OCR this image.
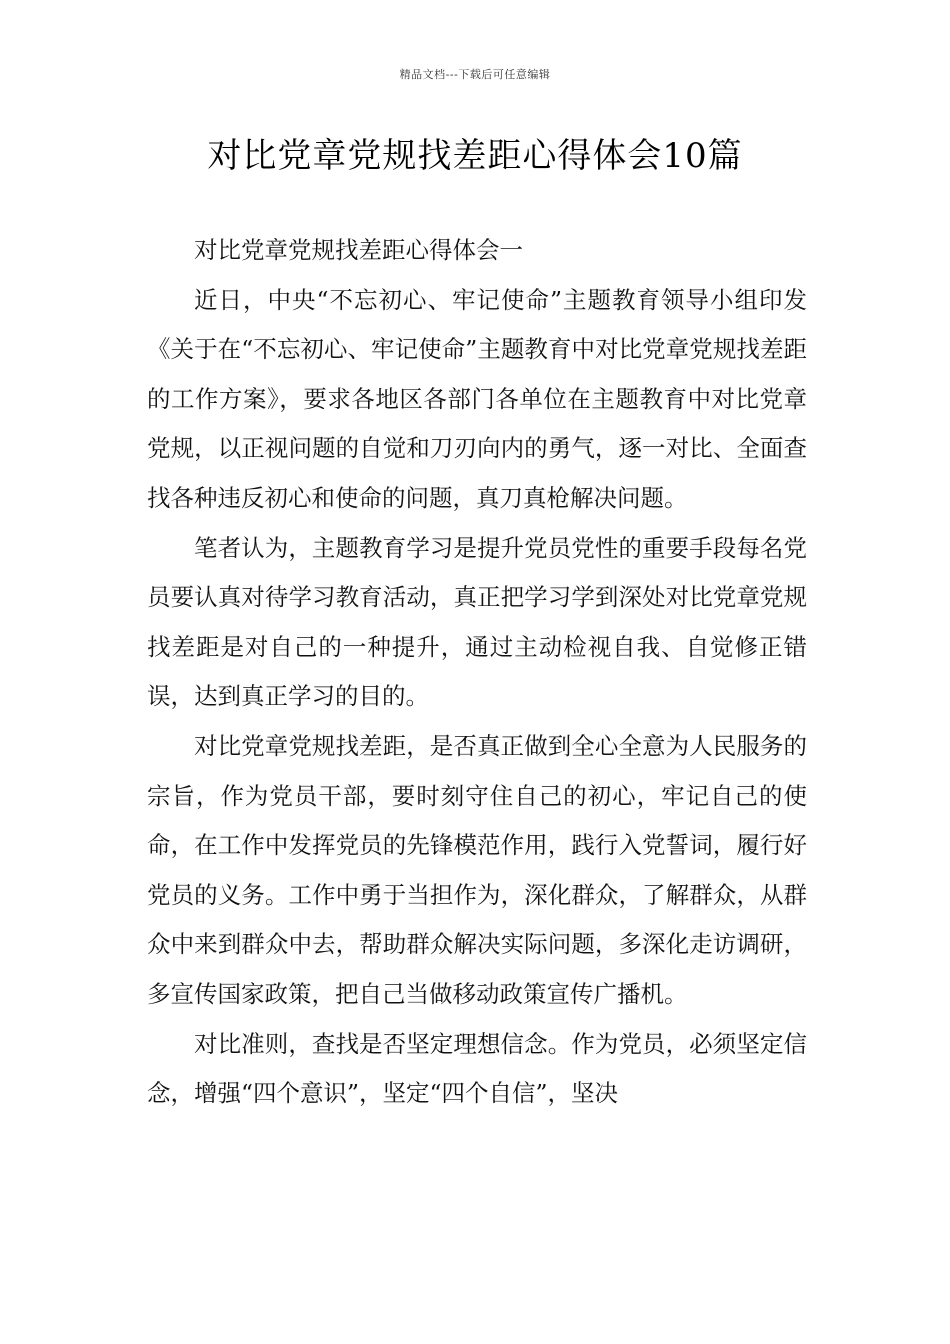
精品文档---下载后可任意编辑
对比党章党规找差距心得体会10篇

对比党章党规找差距心得体会一

近日，中央“不忘初心、牢记使命”主题教育领导小组印发《关于在“不忘初心、牢记使命”主题教育中对比党章党规找差距的工作方案》，要求各地区各部门各单位在主题教育中对比党章党规，以正视问题的自觉和刀刃向内的勇气，逐一对比、全面查找各种违反初心和使命的问题，真刀真枪解决问题。

笔者认为，主题教育学习是提升党员党性的重要手段每名党员要认真对待学习教育活动，真正把学习学到深处对比党章党规找差距是对自己的一种提升，通过主动检视自我、自觉修正错误，达到真正学习的目的。

对比党章党规找差距，是否真正做到全心全意为人民服务的宗旨，作为党员干部，要时刻守住自己的初心，牢记自己的使命，在工作中发挥党员的先锋模范作用，践行入党誓词，履行好党员的义务。工作中勇于当担作为，深化群众，了解群众，从群众中来到群众中去，帮助群众解决实际问题，多深化走访调研，多宣传国家政策，把自己当做移动政策宣传广播机。

对比准则，查找是否坚定理想信念。作为党员，必须坚定信念，增强“四个意识”，坚定“四个自信”，坚决
